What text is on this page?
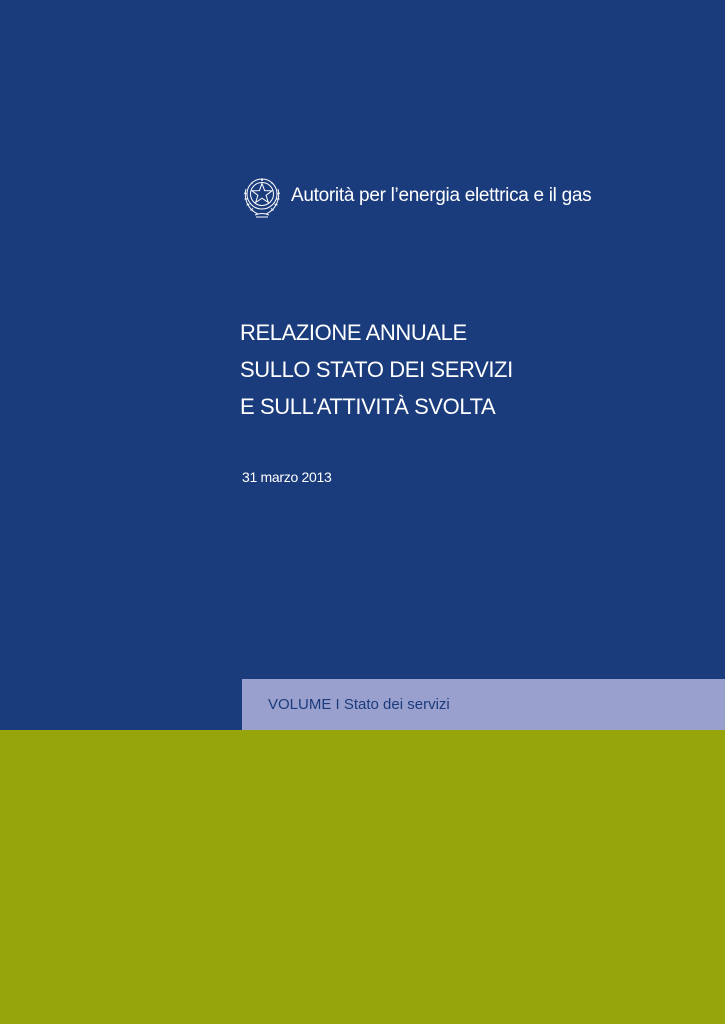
Autorità per l’energia elettrica e il gas
RELAZIONE ANNUALE
SULLO STATO DEI SERVIZI
E SULL’ATTIVITÀ SVOLTA
31 marzo 2013
VOLUME I Stato dei servizi
